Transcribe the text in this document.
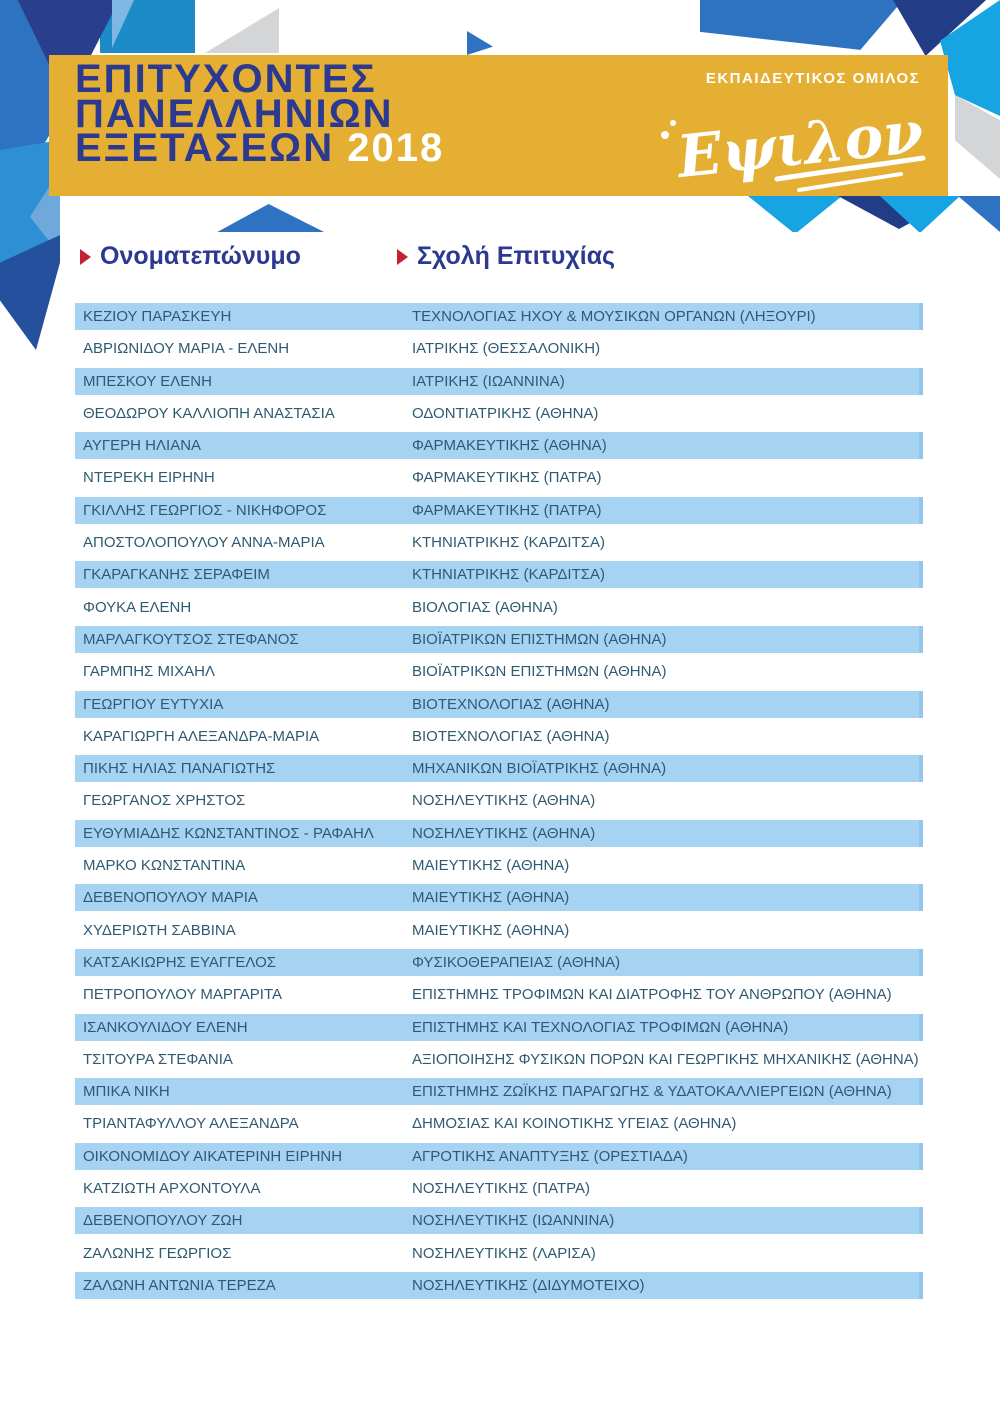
ΕΠΙΤΥΧΟΝΤΕΣ
ΠΑΝΕΛΛΗΝΙΩΝ
ΕΞΕΤΑΣΕΩΝ 2018
ΕΚΠΑΙΔΕΥΤΙΚΟΣ ΟΜΙΛΟΣ
Εψιλον
Ονοματεπώνυμο	Σχολή Επιτυχίας
ΚΕΖΙΟΥ ΠΑΡΑΣΚΕΥΗ	ΤΕΧΝΟΛΟΓΙΑΣ ΗΧΟΥ & ΜΟΥΣΙΚΩΝ ΟΡΓΑΝΩΝ (ΛΗΞΟΥΡΙ)
ΑΒΡΙΩΝΙΔΟΥ ΜΑΡΙΑ - ΕΛΕΝΗ	ΙΑΤΡΙΚΗΣ (ΘΕΣΣΑΛΟΝΙΚΗ)
ΜΠΕΣΚΟΥ ΕΛΕΝΗ	ΙΑΤΡΙΚΗΣ (ΙΩΑΝΝΙΝΑ)
ΘΕΟΔΩΡΟΥ ΚΑΛΛΙΟΠΗ ΑΝΑΣΤΑΣΙΑ	ΟΔΟΝΤΙΑΤΡΙΚΗΣ (ΑΘΗΝΑ)
ΑΥΓΕΡΗ ΗΛΙΑΝΑ	ΦΑΡΜΑΚΕΥΤΙΚΗΣ (ΑΘΗΝΑ)
ΝΤΕΡΕΚΗ ΕΙΡΗΝΗ	ΦΑΡΜΑΚΕΥΤΙΚΗΣ (ΠΑΤΡΑ)
ΓΚΙΛΛΗΣ ΓΕΩΡΓΙΟΣ - ΝΙΚΗΦΟΡΟΣ	ΦΑΡΜΑΚΕΥΤΙΚΗΣ (ΠΑΤΡΑ)
ΑΠΟΣΤΟΛΟΠΟΥΛΟΥ ΑΝΝΑ-ΜΑΡΙΑ	ΚΤΗΝΙΑΤΡΙΚΗΣ (ΚΑΡΔΙΤΣΑ)
ΓΚΑΡΑΓΚΑΝΗΣ ΣΕΡΑΦΕΙΜ	ΚΤΗΝΙΑΤΡΙΚΗΣ (ΚΑΡΔΙΤΣΑ)
ΦΟΥΚΑ ΕΛΕΝΗ	ΒΙΟΛΟΓΙΑΣ (ΑΘΗΝΑ)
ΜΑΡΛΑΓΚΟΥΤΣΟΣ ΣΤΕΦΑΝΟΣ	ΒΙΟΪΑΤΡΙΚΩΝ ΕΠΙΣΤΗΜΩΝ (ΑΘΗΝΑ)
ΓΑΡΜΠΗΣ ΜΙΧΑΗΛ	ΒΙΟΪΑΤΡΙΚΩΝ ΕΠΙΣΤΗΜΩΝ (ΑΘΗΝΑ)
ΓΕΩΡΓΙΟΥ ΕΥΤΥΧΙΑ	ΒΙΟΤΕΧΝΟΛΟΓΙΑΣ (ΑΘΗΝΑ)
ΚΑΡΑΓΙΩΡΓΗ ΑΛΕΞΑΝΔΡΑ-ΜΑΡΙΑ	ΒΙΟΤΕΧΝΟΛΟΓΙΑΣ (ΑΘΗΝΑ)
ΠΙΚΗΣ ΗΛΙΑΣ ΠΑΝΑΓΙΩΤΗΣ	ΜΗΧΑΝΙΚΩΝ ΒΙΟΪΑΤΡΙΚΗΣ (ΑΘΗΝΑ)
ΓΕΩΡΓΑΝΟΣ ΧΡΗΣΤΟΣ	ΝΟΣΗΛΕΥΤΙΚΗΣ (ΑΘΗΝΑ)
ΕΥΘΥΜΙΑΔΗΣ ΚΩΝΣΤΑΝΤΙΝΟΣ - ΡΑΦΑΗΛ	ΝΟΣΗΛΕΥΤΙΚΗΣ (ΑΘΗΝΑ)
ΜΑΡΚΟ ΚΩΝΣΤΑΝΤΙΝΑ	ΜΑΙΕΥΤΙΚΗΣ (ΑΘΗΝΑ)
ΔΕΒΕΝΟΠΟΥΛΟΥ ΜΑΡΙΑ	ΜΑΙΕΥΤΙΚΗΣ (ΑΘΗΝΑ)
ΧΥΔΕΡΙΩΤΗ ΣΑΒΒΙΝΑ	ΜΑΙΕΥΤΙΚΗΣ (ΑΘΗΝΑ)
ΚΑΤΣΑΚΙΩΡΗΣ ΕΥΑΓΓΕΛΟΣ	ΦΥΣΙΚΟΘΕΡΑΠΕΙΑΣ (ΑΘΗΝΑ)
ΠΕΤΡΟΠΟΥΛΟΥ ΜΑΡΓΑΡΙΤΑ	ΕΠΙΣΤΗΜΗΣ ΤΡΟΦΙΜΩΝ ΚΑΙ ΔΙΑΤΡΟΦΗΣ ΤΟΥ ΑΝΘΡΩΠΟΥ (ΑΘΗΝΑ)
ΙΣΑΝΚΟΥΛΙΔΟΥ ΕΛΕΝΗ	ΕΠΙΣΤΗΜΗΣ ΚΑΙ ΤΕΧΝΟΛΟΓΙΑΣ ΤΡΟΦΙΜΩΝ (ΑΘΗΝΑ)
ΤΣΙΤΟΥΡΑ ΣΤΕΦΑΝΙΑ	ΑΞΙΟΠΟΙΗΣΗΣ ΦΥΣΙΚΩΝ ΠΟΡΩΝ ΚΑΙ ΓΕΩΡΓΙΚΗΣ ΜΗΧΑΝΙΚΗΣ (ΑΘΗΝΑ)
ΜΠΙΚΑ ΝΙΚΗ	ΕΠΙΣΤΗΜΗΣ ΖΩΪΚΗΣ ΠΑΡΑΓΩΓΗΣ & ΥΔΑΤΟΚΑΛΛΙΕΡΓΕΙΩΝ (ΑΘΗΝΑ)
ΤΡΙΑΝΤΑΦΥΛΛΟΥ ΑΛΕΞΑΝΔΡΑ	ΔΗΜΟΣΙΑΣ ΚΑΙ ΚΟΙΝΟΤΙΚΗΣ ΥΓΕΙΑΣ (ΑΘΗΝΑ)
ΟΙΚΟΝΟΜΙΔΟΥ ΑΙΚΑΤΕΡΙΝΗ ΕΙΡΗΝΗ	ΑΓΡΟΤΙΚΗΣ ΑΝΑΠΤΥΞΗΣ (ΟΡΕΣΤΙΑΔΑ)
ΚΑΤΖΙΩΤΗ ΑΡΧΟΝΤΟΥΛΑ	ΝΟΣΗΛΕΥΤΙΚΗΣ (ΠΑΤΡΑ)
ΔΕΒΕΝΟΠΟΥΛΟΥ ΖΩΗ	ΝΟΣΗΛΕΥΤΙΚΗΣ (ΙΩΑΝΝΙΝΑ)
ΖΑΛΩΝΗΣ ΓΕΩΡΓΙΟΣ	ΝΟΣΗΛΕΥΤΙΚΗΣ (ΛΑΡΙΣΑ)
ΖΑΛΩΝΗ ΑΝΤΩΝΙΑ ΤΕΡΕΖΑ	ΝΟΣΗΛΕΥΤΙΚΗΣ (ΔΙΔΥΜΟΤΕΙΧΟ)
